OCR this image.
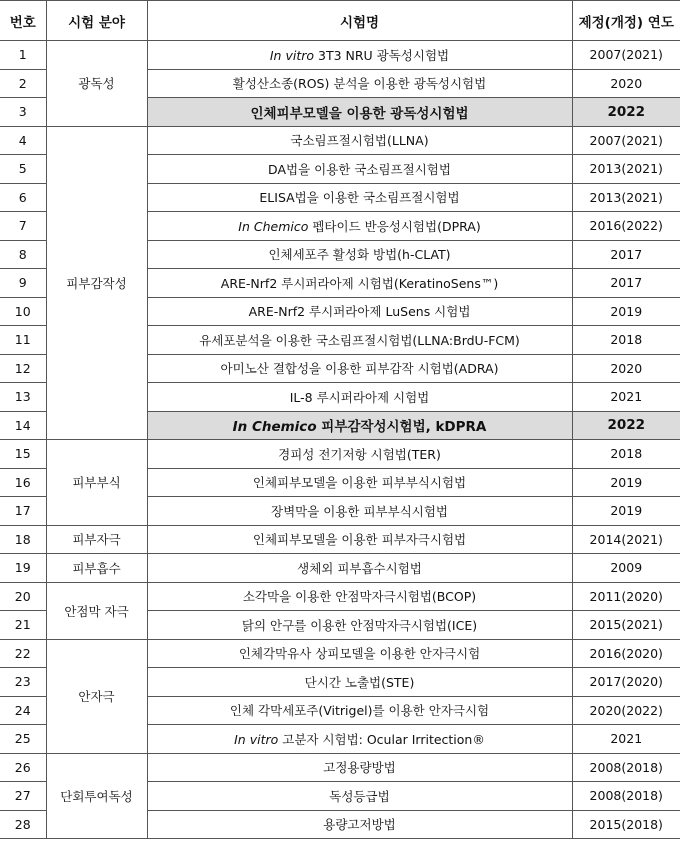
번호	시험 분야	시험명	제정(개정) 연도
1	광독성	In vitro 3T3 NRU 광독성시험법	2007(2021)
2		활성산소종(ROS) 분석을 이용한 광독성시험법	2020
3		인체피부모델을 이용한 광독성시험법	2022
4	피부감작성	국소림프절시험법(LLNA)	2007(2021)
5		DA법을 이용한 국소림프절시험법	2013(2021)
6		ELISA법을 이용한 국소림프절시험법	2013(2021)
7		In Chemico 펩타이드 반응성시험법(DPRA)	2016(2022)
8		인체세포주 활성화 방법(h-CLAT)	2017
9		ARE-Nrf2 루시퍼라아제 시험법(KeratinoSens™)	2017
10		ARE-Nrf2 루시퍼라아제 LuSens 시험법	2019
11		유세포분석을 이용한 국소림프절시험법(LLNA:BrdU-FCM)	2018
12		아미노산 결합성을 이용한 피부감작 시험법(ADRA)	2020
13		IL-8 루시퍼라아제 시험법	2021
14		In Chemico 피부감작성시험법, kDPRA	2022
15	피부부식	경피성 전기저항 시험법(TER)	2018
16		인체피부모델을 이용한 피부부식시험법	2019
17		장벽막을 이용한 피부부식시험법	2019
18	피부자극	인체피부모델을 이용한 피부자극시험법	2014(2021)
19	피부흡수	생체외 피부흡수시험법	2009
20	안점막 자극	소각막을 이용한 안점막자극시험법(BCOP)	2011(2020)
21		닭의 안구를 이용한 안점막자극시험법(ICE)	2015(2021)
22	안자극	인체각막유사 상피모델을 이용한 안자극시험	2016(2020)
23		단시간 노출법(STE)	2017(2020)
24		인체 각막세포주(Vitrigel)를 이용한 안자극시험	2020(2022)
25		In vitro 고분자 시험법: Ocular Irritection®	2021
26	단회투여독성	고정용량방법	2008(2018)
27		독성등급법	2008(2018)
28		용량고저방법	2015(2018)
